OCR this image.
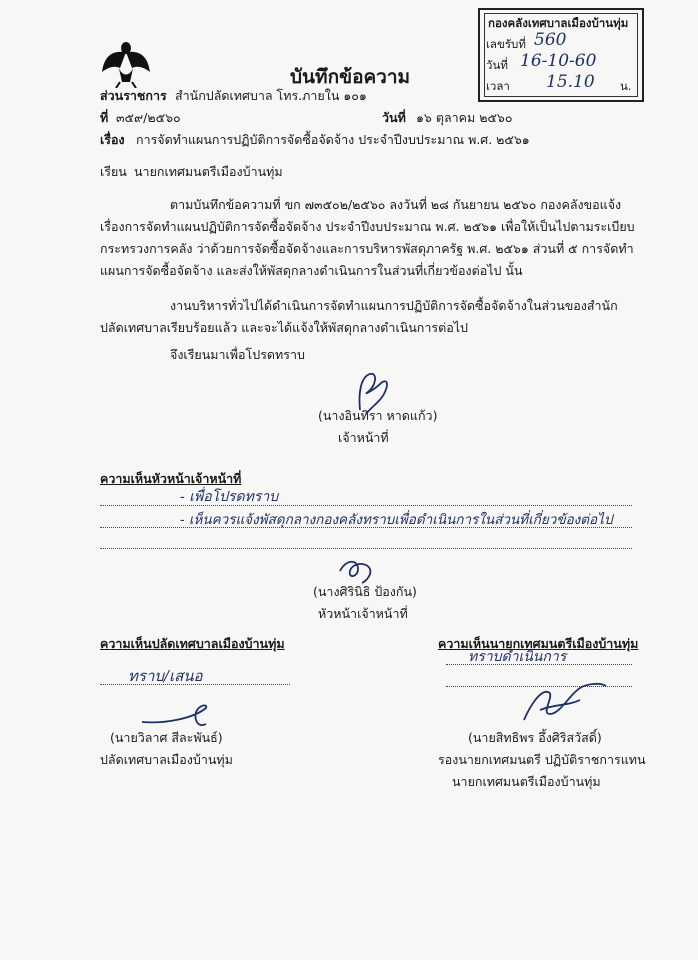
กองคลังเทศบาลเมืองบ้านทุ่ม
เลขรับที่ 560
วันที่ 16-10-60
เวลา 15.10 น.
บันทึกข้อความ
ส่วนราชการ สำนักปลัดเทศบาล โทร.ภายใน ๑๐๑
ที่ ๓๕๙/๒๕๖๐	วันที่ ๑๖ ตุลาคม ๒๕๖๐
เรื่อง การจัดทำแผนการปฏิบัติการจัดซื้อจัดจ้าง ประจำปีงบประมาณ พ.ศ. ๒๕๖๑
เรียน นายกเทศมนตรีเมืองบ้านทุ่ม
ตามบันทึกข้อความที่ ขก ๗๓๕๐๒/๒๕๖๐ ลงวันที่ ๒๘ กันยายน ๒๕๖๐ กองคลังขอแจ้ง
เรื่องการจัดทำแผนปฏิบัติการจัดซื้อจัดจ้าง ประจำปีงบประมาณ พ.ศ. ๒๕๖๑ เพื่อให้เป็นไปตามระเบียบ
กระทรวงการคลัง ว่าด้วยการจัดซื้อจัดจ้างและการบริหารพัสดุภาครัฐ พ.ศ. ๒๕๖๑ ส่วนที่ ๕ การจัดทำ
แผนการจัดซื้อจัดจ้าง และส่งให้พัสดุกลางดำเนินการในส่วนที่เกี่ยวข้องต่อไป นั้น
งานบริหารทั่วไปได้ดำเนินการจัดทำแผนการปฏิบัติการจัดซื้อจัดจ้างในส่วนของสำนัก
ปลัดเทศบาลเรียบร้อยแล้ว และจะได้แจ้งให้พัสดุกลางดำเนินการต่อไป
จึงเรียนมาเพื่อโปรดทราบ
(นางอินทิรา หาดแก้ว)
เจ้าหน้าที่
ความเห็นหัวหน้าเจ้าหน้าที่
- เพื่อโปรดทราบ
- เห็นควรแจ้งพัสดุกลางกองคลังทราบเพื่อดำเนินการในส่วนที่เกี่ยวข้องต่อไป
(นางศิรินิธิ ป้องกัน)
หัวหน้าเจ้าหน้าที่
ความเห็นปลัดเทศบาลเมืองบ้านทุ่ม
ทราบ/เสนอ
(นายวิลาศ สีละพันธ์)
ปลัดเทศบาลเมืองบ้านทุ่ม
ความเห็นนายกเทศมนตรีเมืองบ้านทุ่ม
ทราบดำเนินการ
(นายสิทธิพร อึ้งศิริสวัสดิ์)
รองนายกเทศมนตรี ปฏิบัติราชการแทน
นายกเทศมนตรีเมืองบ้านทุ่ม
